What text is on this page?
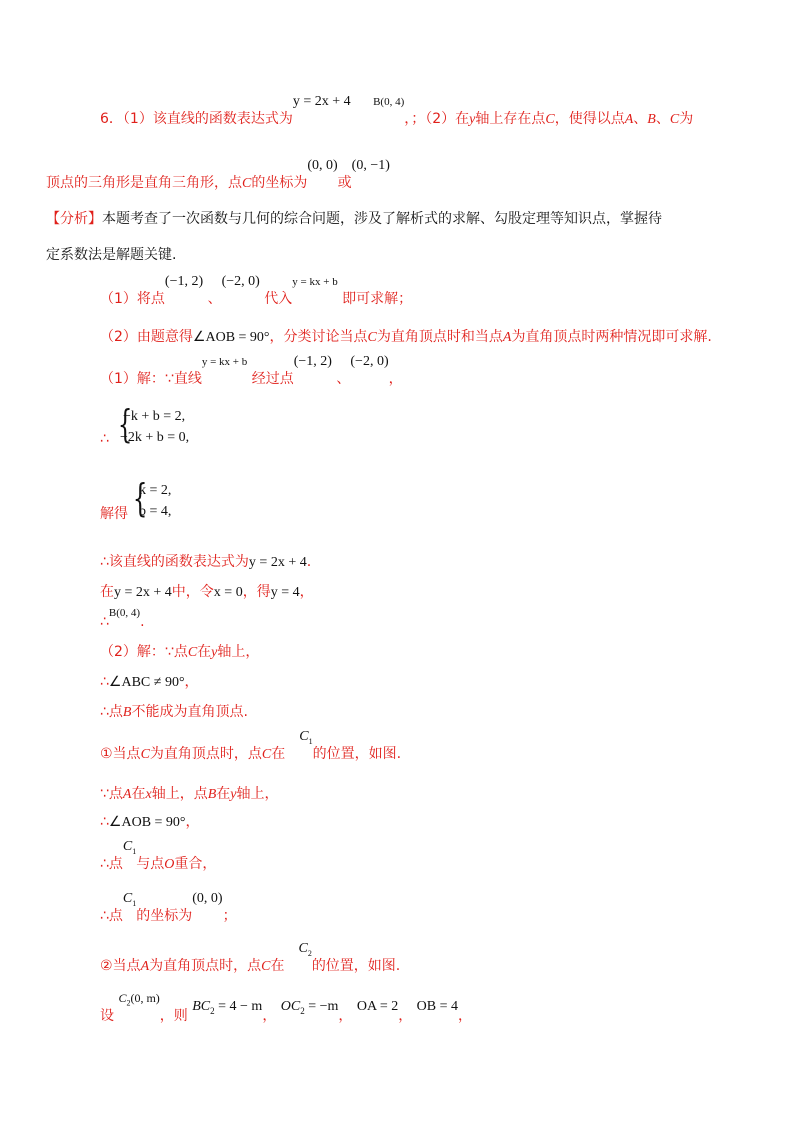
6．（1）该直线的函数表达式为y = 2x + 4 $^{B(0, 4)}$，；（2）在y轴上存在点C，使得以点A、B、C为
顶点的三角形是直角三角形，点C的坐标为(0, 0)或(0, −1)
【分析】本题考查了一次函数与几何的综合问题，涉及了解析式的求解、勾股定理等知识点，掌握待
定系数法是解题关键.
（1）将点(−1, 2) 、(−2, 0) 代入$^{y = kx + b}$ 即可求解；
（2）由题意得∠AOB = 90°，分类讨论当点C为直角顶点时和当点A为直角顶点时两种情况即可求解.
（1）解：∵直线$^{y = kx + b}$ 经过点(−1, 2) 、(−2, 0)，
∴ {
−k + b = 2,
−2k + b = 0,
解得 {
k = 2,
b = 4,
∴该直线的函数表达式为y = 2x + 4.
在y = 2x + 4中，令x = 0，得y = 4，
∴$^{B(0, 4)}$.
（2）解：∵点C在y轴上，
∴∠ABC ≠ 90°，
∴点B不能成为直角顶点.
①当点C为直角顶点时，点C在$C_1$的位置，如图.
∵点A在x轴上，点B在y轴上，
∴∠AOB = 90°，
∴点$C_1$与点O重合，
∴点$C_1$的坐标为(0, 0)；
②当点A为直角顶点时，点C在$C_2$的位置，如图.
设 $C_2(0$, m)，则 $BC_2 = 4 - m$， $OC_2 = -m$， OA = 2， OB = 4，
